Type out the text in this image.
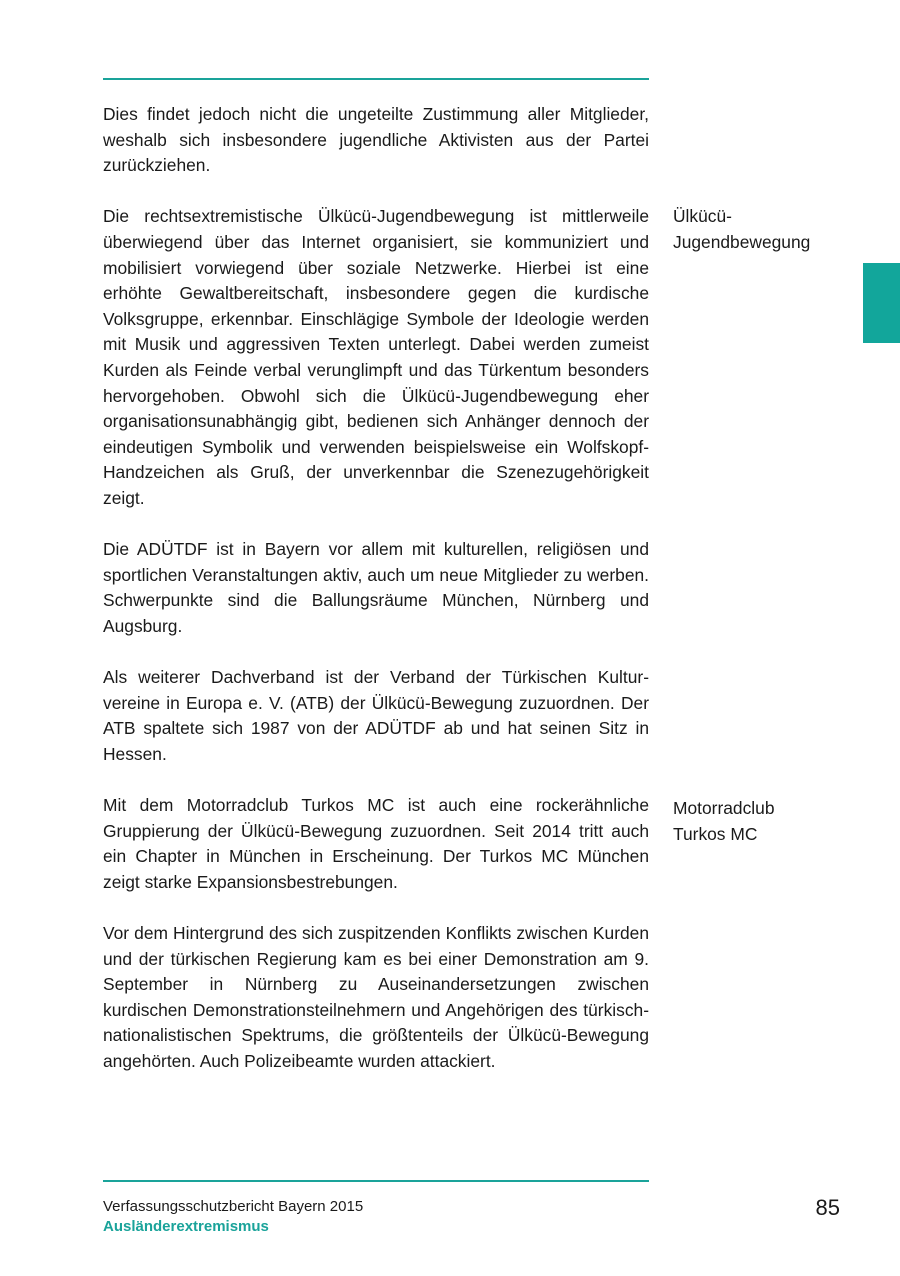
Dies findet jedoch nicht die ungeteilte Zustimmung aller Mitglieder, weshalb sich insbesondere jugendliche Aktivisten aus der Partei zurückziehen.

Die rechtsextremistische Ülkücü-Jugendbewegung ist mittlerweile überwiegend über das Internet organisiert, sie kommuniziert und mobilisiert vorwiegend über soziale Netzwerke. Hierbei ist eine erhöhte Gewaltbereitschaft, insbesondere gegen die kurdische Volksgruppe, erkennbar. Einschlägige Symbole der Ideologie werden mit Musik und aggressiven Texten unterlegt. Dabei werden zumeist Kurden als Feinde verbal verunglimpft und das Türkentum besonders hervorgehoben. Obwohl sich die Ülkücü-Jugendbewegung eher organisationsunabhängig gibt, bedienen sich Anhänger dennoch der eindeutigen Symbolik und verwenden beispielsweise ein Wolfskopf-Handzeichen als Gruß, der unverkennbar die Szenezugehörigkeit zeigt.

Die ADÜTDF ist in Bayern vor allem mit kulturellen, religiösen und sportlichen Veranstaltungen aktiv, auch um neue Mitglieder zu werben. Schwerpunkte sind die Ballungsräume München, Nürnberg und Augsburg.

Als weiterer Dachverband ist der Verband der Türkischen Kulturvereine in Europa e. V. (ATB) der Ülkücü-Bewegung zuzuordnen. Der ATB spaltete sich 1987 von der ADÜTDF ab und hat seinen Sitz in Hessen.

Mit dem Motorradclub Turkos MC ist auch eine rockerähnliche Gruppierung der Ülkücü-Bewegung zuzuordnen. Seit 2014 tritt auch ein Chapter in München in Erscheinung. Der Turkos MC München zeigt starke Expansionsbestrebungen.

Vor dem Hintergrund des sich zuspitzenden Konflikts zwischen Kurden und der türkischen Regierung kam es bei einer Demonstration am 9. September in Nürnberg zu Auseinandersetzungen zwischen kurdischen Demonstrationsteilnehmern und Angehörigen des türkisch-nationalistischen Spektrums, die größtenteils der Ülkücü-Bewegung angehörten. Auch Polizeibeamte wurden attackiert.

Ülkücü-
Jugendbewegung
Motorradclub
Turkos MC
Verfassungsschutzbericht Bayern 2015
Ausländerextremismus
85
